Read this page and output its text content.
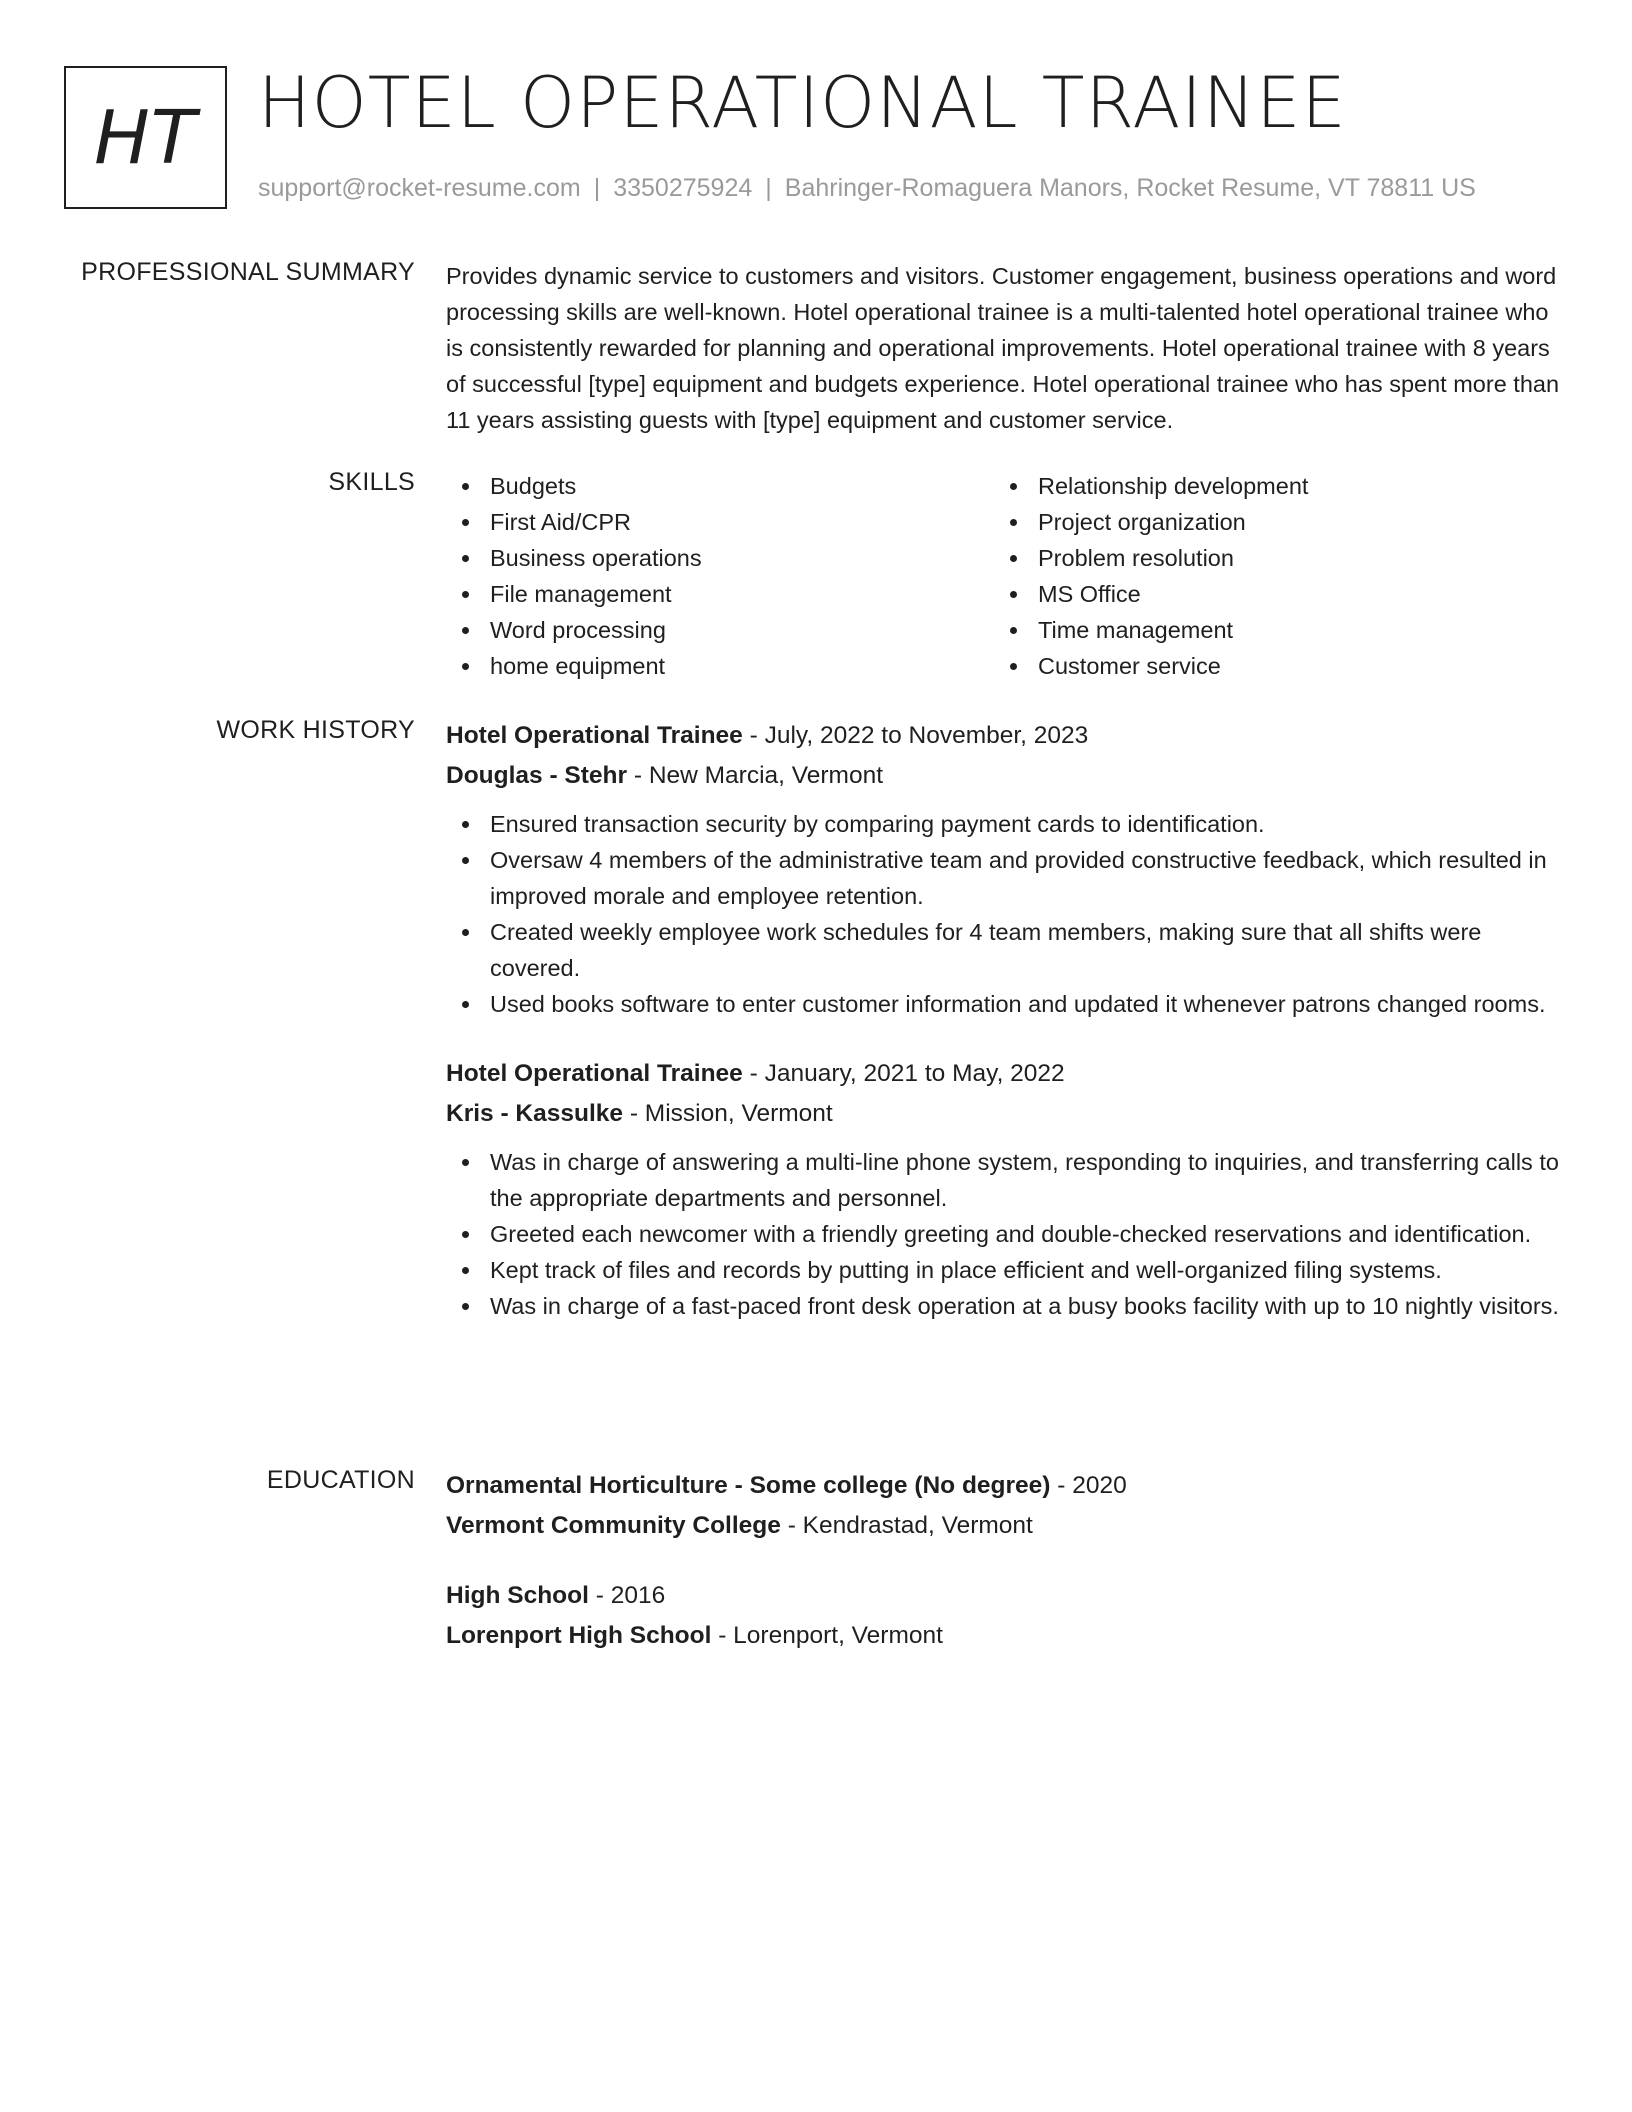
HT HOTEL OPERATIONAL TRAINEE
support@rocket-resume.com | 3350275924 | Bahringer-Romaguera Manors, Rocket Resume, VT 78811 US
PROFESSIONAL SUMMARY Provides dynamic service to customers and visitors. Customer engagement, business operations and word processing skills are well-known. Hotel operational trainee is a multi-talented hotel operational trainee who is consistently rewarded for planning and operational improvements. Hotel operational trainee with 8 years of successful [type] equipment and budgets experience. Hotel operational trainee who has spent more than 11 years assisting guests with [type] equipment and customer service.

SKILLS	Budgets
First Aid/CPR
Business operations
File management
Word processing
home equipment
Relationship development
Project organization
Problem resolution
MS Office
Time management
Customer service
WORK HISTORY Hotel Operational Trainee - July, 2022 to November, 2023
Douglas - Stehr - New Marcia, Vermont
Ensured transaction security by comparing payment cards to identification.
Oversaw 4 members of the administrative team and provided constructive feedback, which resulted in improved morale and employee retention.
Created weekly employee work schedules for 4 team members, making sure that all shifts were covered.
Used books software to enter customer information and updated it whenever patrons changed rooms.
Hotel Operational Trainee - January, 2021 to May, 2022
Kris - Kassulke - Mission, Vermont
Was in charge of answering a multi-line phone system, responding to inquiries, and transferring calls to the appropriate departments and personnel.
Greeted each newcomer with a friendly greeting and double-checked reservations and identification.
Kept track of files and records by putting in place efficient and well-organized filing systems.
Was in charge of a fast-paced front desk operation at a busy books facility with up to 10 nightly visitors.
EDUCATION Ornamental Horticulture - Some college (No degree) - 2020
Vermont Community College - Kendrastad, Vermont
High School - 2016
Lorenport High School - Lorenport, Vermont
